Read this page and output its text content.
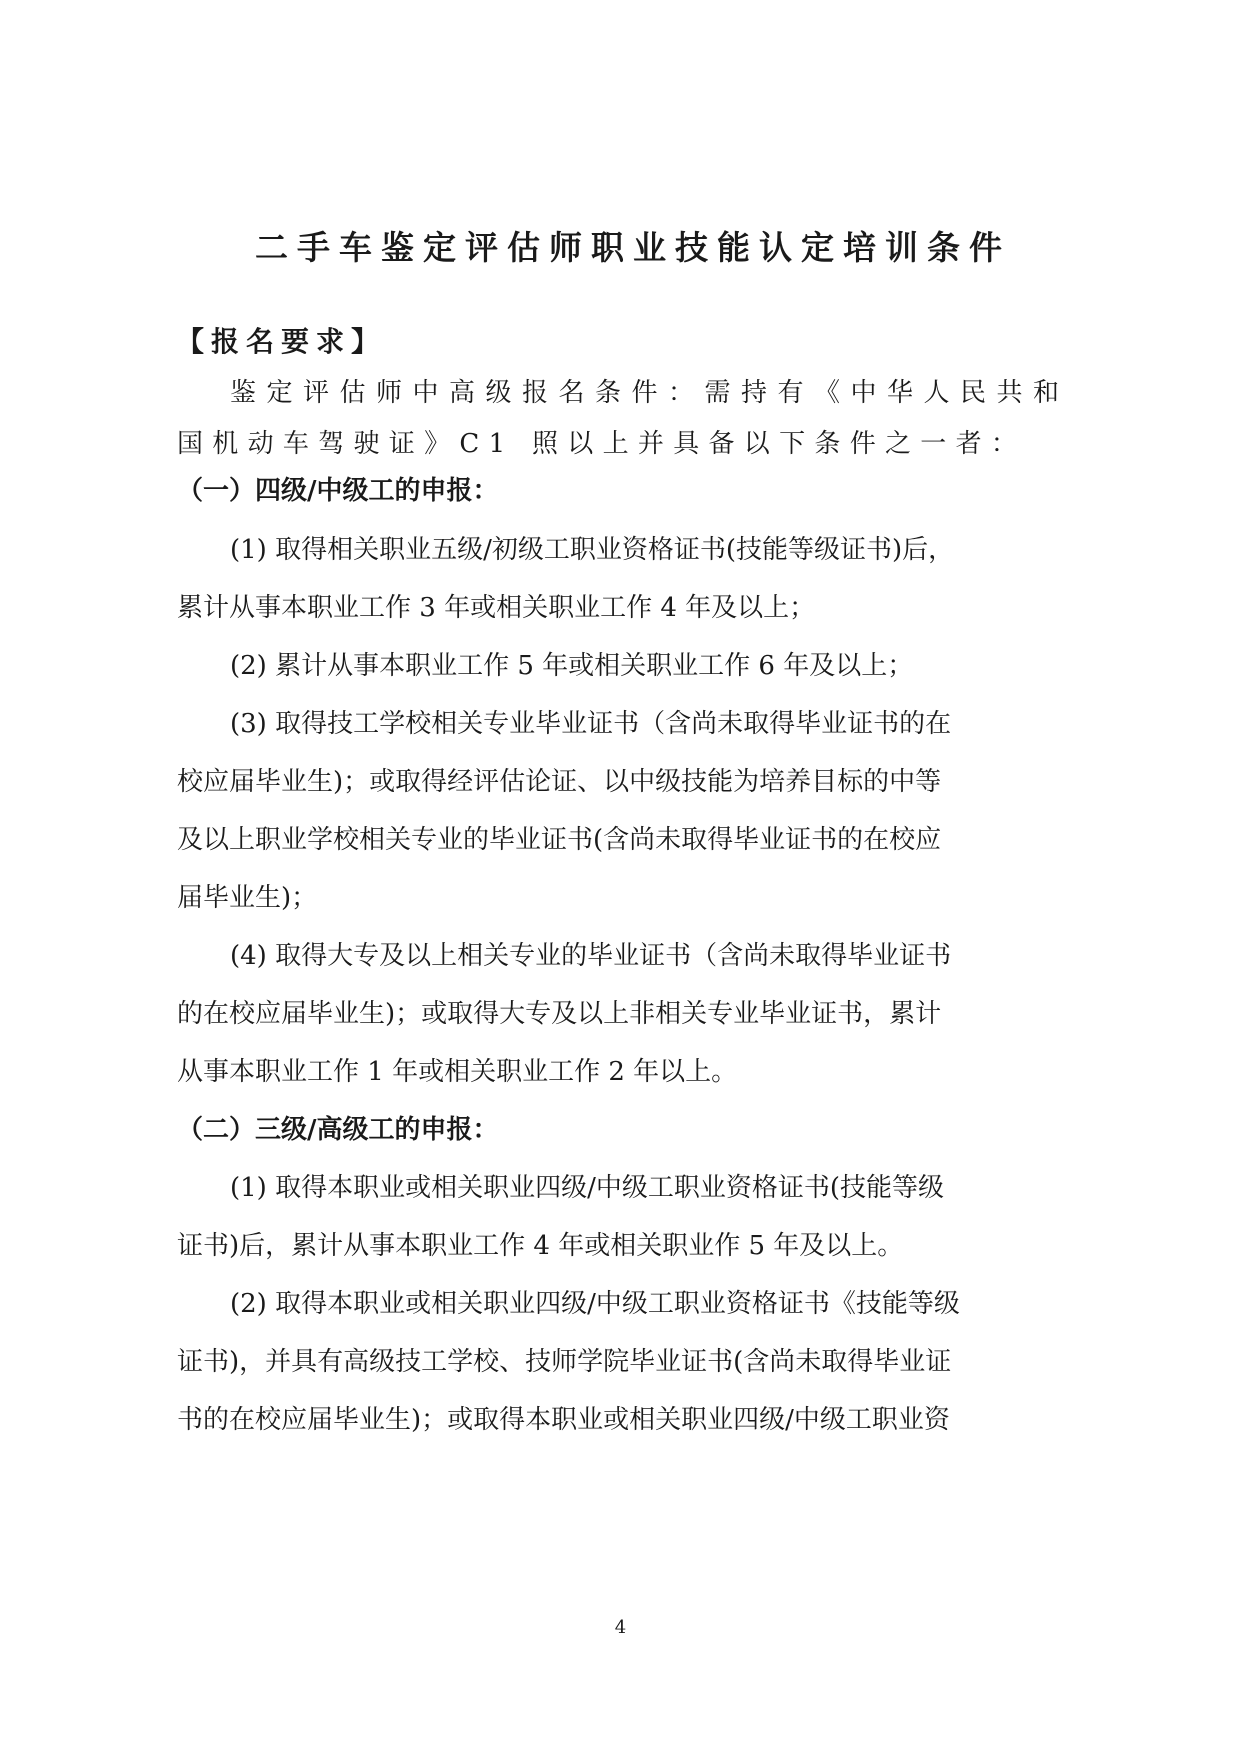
二手车鉴定评估师职业技能认定培训条件

【报名要求】

鉴定评估师中高级报名条件：需持有《中华人民共和

国机动车驾驶证》C1 照以上并具备以下条件之一者：

（一）四级/中级工的申报：

(1) 取得相关职业五级/初级工职业资格证书(技能等级证书)后，

累计从事本职业工作 3 年或相关职业工作 4 年及以上；

(2) 累计从事本职业工作 5 年或相关职业工作 6 年及以上；

(3) 取得技工学校相关专业毕业证书（含尚未取得毕业证书的在

校应届毕业生)；或取得经评估论证、以中级技能为培养目标的中等

及以上职业学校相关专业的毕业证书(含尚未取得毕业证书的在校应

届毕业生)；

(4) 取得大专及以上相关专业的毕业证书（含尚未取得毕业证书

的在校应届毕业生)；或取得大专及以上非相关专业毕业证书，累计

从事本职业工作 1 年或相关职业工作 2 年以上。

（二）三级/高级工的申报：

(1) 取得本职业或相关职业四级/中级工职业资格证书(技能等级

证书)后，累计从事本职业工作 4 年或相关职业作 5 年及以上。

(2) 取得本职业或相关职业四级/中级工职业资格证书《技能等级

证书)，并具有高级技工学校、技师学院毕业证书(含尚未取得毕业证

书的在校应届毕业生)；或取得本职业或相关职业四级/中级工职业资

4
